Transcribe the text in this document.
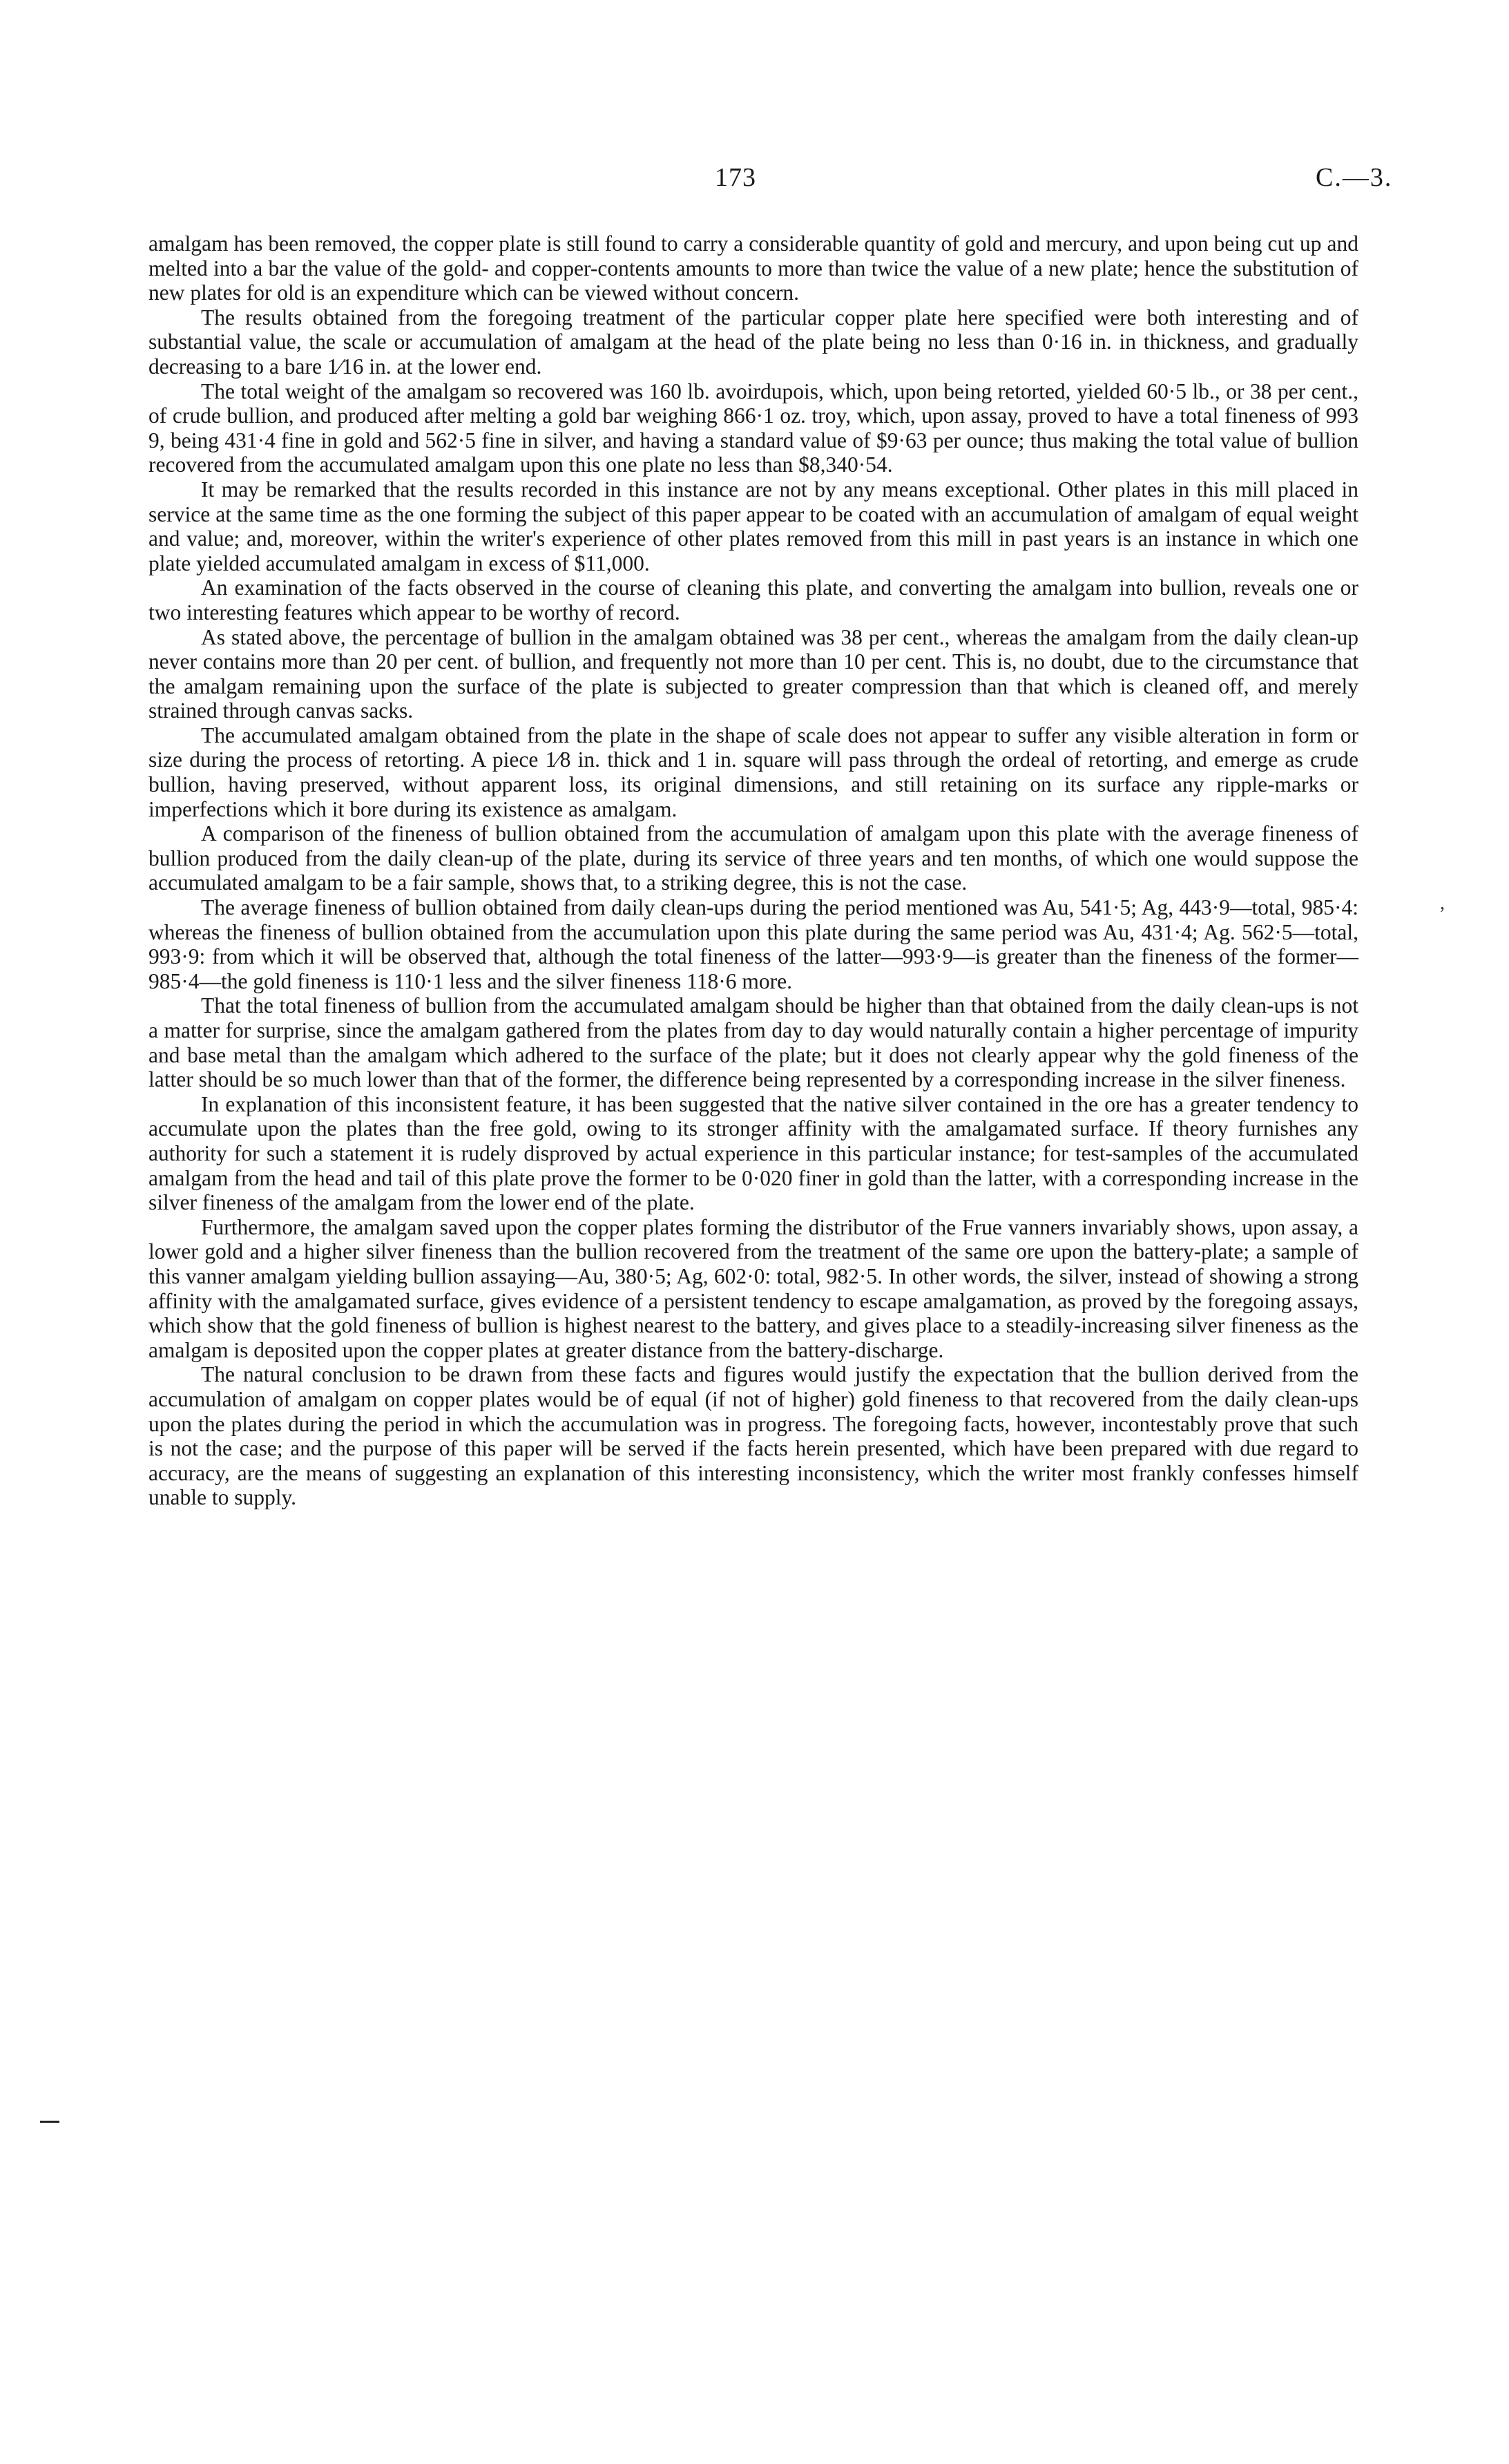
173	C.—3.

amalgam has been removed, the copper plate is still found to carry a considerable quantity of gold and mercury, and upon being cut up and melted into a bar the value of the gold- and copper-contents amounts to more than twice the value of a new plate; hence the substitution of new plates for old is an expenditure which can be viewed without concern.

The results obtained from the foregoing treatment of the particular copper plate here specified were both interesting and of substantial value, the scale or accumulation of amalgam at the head of the plate being no less than 0·16 in. in thickness, and gradually decreasing to a bare 1⁄16 in. at the lower end.

The total weight of the amalgam so recovered was 160 lb. avoirdupois, which, upon being retorted, yielded 60·5 lb., or 38 per cent., of crude bullion, and produced after melting a gold bar weighing 866·1 oz. troy, which, upon assay, proved to have a total fineness of 993 9, being 431·4 fine in gold and 562·5 fine in silver, and having a standard value of $9·63 per ounce; thus making the total value of bullion recovered from the accumulated amalgam upon this one plate no less than $8,340·54.

It may be remarked that the results recorded in this instance are not by any means exceptional. Other plates in this mill placed in service at the same time as the one forming the subject of this paper appear to be coated with an accumulation of amalgam of equal weight and value; and, moreover, within the writer's experience of other plates removed from this mill in past years is an instance in which one plate yielded accumulated amalgam in excess of $11,000.

An examination of the facts observed in the course of cleaning this plate, and converting the amalgam into bullion, reveals one or two interesting features which appear to be worthy of record.

As stated above, the percentage of bullion in the amalgam obtained was 38 per cent., whereas the amalgam from the daily clean-up never contains more than 20 per cent. of bullion, and frequently not more than 10 per cent. This is, no doubt, due to the circumstance that the amalgam remaining upon the surface of the plate is subjected to greater compression than that which is cleaned off, and merely strained through canvas sacks.

The accumulated amalgam obtained from the plate in the shape of scale does not appear to suffer any visible alteration in form or size during the process of retorting. A piece 1⁄8 in. thick and 1 in. square will pass through the ordeal of retorting, and emerge as crude bullion, having preserved, without apparent loss, its original dimensions, and still retaining on its surface any ripple-marks or imperfections which it bore during its existence as amalgam.

A comparison of the fineness of bullion obtained from the accumulation of amalgam upon this plate with the average fineness of bullion produced from the daily clean-up of the plate, during its service of three years and ten months, of which one would suppose the accumulated amalgam to be a fair sample, shows that, to a striking degree, this is not the case.

The average fineness of bullion obtained from daily clean-ups during the period mentioned was Au, 541·5; Ag, 443·9—total, 985·4: whereas the fineness of bullion obtained from the accumulation upon this plate during the same period was Au, 431·4; Ag. 562·5—total, 993·9: from which it will be observed that, although the total fineness of the latter—993·9—is greater than the fineness of the former—985·4—the gold fineness is 110·1 less and the silver fineness 118·6 more.

That the total fineness of bullion from the accumulated amalgam should be higher than that obtained from the daily clean-ups is not a matter for surprise, since the amalgam gathered from the plates from day to day would naturally contain a higher percentage of impurity and base metal than the amalgam which adhered to the surface of the plate; but it does not clearly appear why the gold fineness of the latter should be so much lower than that of the former, the difference being represented by a corresponding increase in the silver fineness.

In explanation of this inconsistent feature, it has been suggested that the native silver contained in the ore has a greater tendency to accumulate upon the plates than the free gold, owing to its stronger affinity with the amalgamated surface. If theory furnishes any authority for such a statement it is rudely disproved by actual experience in this particular instance; for test-samples of the accumulated amalgam from the head and tail of this plate prove the former to be 0·020 finer in gold than the latter, with a corresponding increase in the silver fineness of the amalgam from the lower end of the plate.

Furthermore, the amalgam saved upon the copper plates forming the distributor of the Frue vanners invariably shows, upon assay, a lower gold and a higher silver fineness than the bullion recovered from the treatment of the same ore upon the battery-plate; a sample of this vanner amalgam yielding bullion assaying—Au, 380·5; Ag, 602·0: total, 982·5. In other words, the silver, instead of showing a strong affinity with the amalgamated surface, gives evidence of a persistent tendency to escape amalgamation, as proved by the foregoing assays, which show that the gold fineness of bullion is highest nearest to the battery, and gives place to a steadily-increasing silver fineness as the amalgam is deposited upon the copper plates at greater distance from the battery-discharge.

The natural conclusion to be drawn from these facts and figures would justify the expectation that the bullion derived from the accumulation of amalgam on copper plates would be of equal (if not of higher) gold fineness to that recovered from the daily clean-ups upon the plates during the period in which the accumulation was in progress. The foregoing facts, however, incontestably prove that such is not the case; and the purpose of this paper will be served if the facts herein presented, which have been prepared with due regard to accuracy, are the means of suggesting an explanation of this interesting inconsistency, which the writer most frankly confesses himself unable to supply.

,
